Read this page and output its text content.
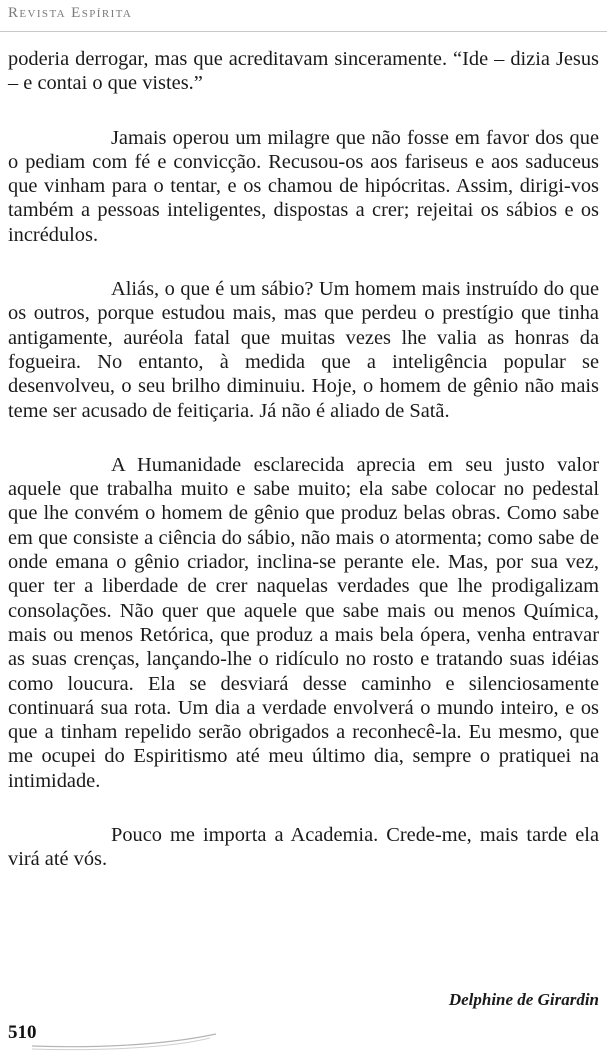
Revista Espírita

poderia derrogar, mas que acreditavam sinceramente. “Ide – dizia Jesus – e contai o que vistes.”

Jamais operou um milagre que não fosse em favor dos que o pediam com fé e convicção. Recusou-os aos fariseus e aos saduceus que vinham para o tentar, e os chamou de hipócritas. Assim, dirigi-vos também a pessoas inteligentes, dispostas a crer; rejeitai os sábios e os incrédulos.

Aliás, o que é um sábio? Um homem mais instruído do que os outros, porque estudou mais, mas que perdeu o prestígio que tinha antigamente, auréola fatal que muitas vezes lhe valia as honras da fogueira. No entanto, à medida que a inteligência popular se desenvolveu, o seu brilho diminuiu. Hoje, o homem de gênio não mais teme ser acusado de feitiçaria. Já não é aliado de Satã.

A Humanidade esclarecida aprecia em seu justo valor aquele que trabalha muito e sabe muito; ela sabe colocar no pedestal que lhe convém o homem de gênio que produz belas obras. Como sabe em que consiste a ciência do sábio, não mais o atormenta; como sabe de onde emana o gênio criador, inclina-se perante ele. Mas, por sua vez, quer ter a liberdade de crer naquelas verdades que lhe prodigalizam consolações. Não quer que aquele que sabe mais ou menos Química, mais ou menos Retórica, que produz a mais bela ópera, venha entravar as suas crenças, lançando-lhe o ridículo no rosto e tratando suas idéias como loucura. Ela se desviará desse caminho e silenciosamente continuará sua rota. Um dia a verdade envolverá o mundo inteiro, e os que a tinham repelido serão obrigados a reconhecê-la. Eu mesmo, que me ocupei do Espiritismo até meu último dia, sempre o pratiquei na intimidade.

Pouco me importa a Academia. Crede-me, mais tarde ela virá até vós.

Delphine de Girardin
510
